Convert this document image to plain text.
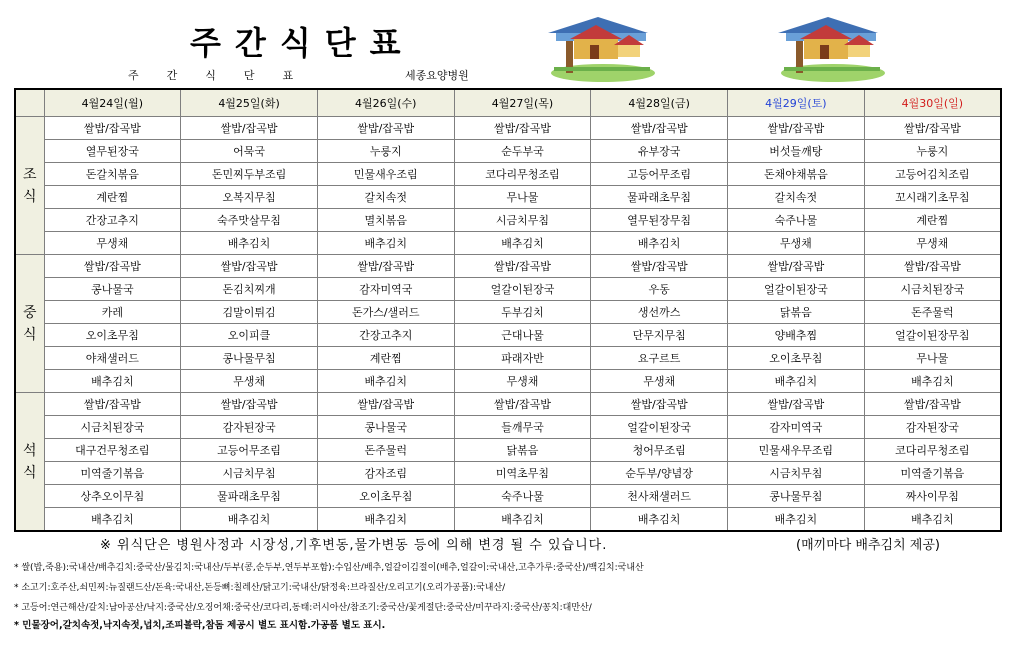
주간식단표
주간식단표	세종요양병원
	4월24일(월)	4월25일(화)	4월26일(수)	4월27일(목)	4월28일(금)	4월29일(토)	4월30일(일)
조식	쌀밥/잡곡밥	쌀밥/잡곡밥	쌀밥/잡곡밥	쌀밥/잡곡밥	쌀밥/잡곡밥	쌀밥/잡곡밥	쌀밥/잡곡밥
	열무된장국	어묵국	누룽지	순두부국	유부장국	버섯들깨탕	누룽지
	돈갈치볶음	돈민찌두부조림	민물새우조림	코다리무청조림	고등어무조림	돈채야채볶음	고등어김치조림
	계란찜	오복지무침	갈치속젓	무나물	물파래초무침	갈치속젓	꼬시래기초무침
	간장고추지	숙주맛살무침	멸치볶음	시금치무침	열무된장무침	숙주나물	계란찜
	무생채	배추김치	배추김치	배추김치	배추김치	무생채	무생채
중식	쌀밥/잡곡밥	쌀밥/잡곡밥	쌀밥/잡곡밥	쌀밥/잡곡밥	쌀밥/잡곡밥	쌀밥/잡곡밥	쌀밥/잡곡밥
	콩나물국	돈김치찌개	감자미역국	얼갈이된장국	우동	얼갈이된장국	시금치된장국
	카레	김말이튀김	돈가스/샐러드	두부김치	생선까스	닭볶음	돈주물럭
	오이초무침	오이피클	간장고추지	근대나물	단무지무침	양배추찜	얼갈이된장무침
	야채샐러드	콩나물무침	계란찜	파래자반	요구르트	오이초무침	무나물
	배추김치	무생채	배추김치	무생채	무생채	배추김치	배추김치
석식	쌀밥/잡곡밥	쌀밥/잡곡밥	쌀밥/잡곡밥	쌀밥/잡곡밥	쌀밥/잡곡밥	쌀밥/잡곡밥	쌀밥/잡곡밥
	시금치된장국	감자된장국	콩나물국	들깨무국	얼갈이된장국	감자미역국	감자된장국
	대구건무청조림	고등어무조림	돈주물럭	닭볶음	청어무조림	민물새우무조림	코다리무청조림
	미역줄기볶음	시금치무침	감자조림	미역초무침	순두부/양념장	시금치무침	미역줄기볶음
	상추오이무침	물파래초무침	오이초무침	숙주나물	천사채샐러드	콩나물무침	짜사이무침
	배추김치	배추김치	배추김치	배추김치	배추김치	배추김치	배추김치
※ 위식단은 병원사정과 시장성,기후변동,물가변동 등에 의해 변경 될 수 있습니다.	(매끼마다 배추김치 제공)
* 쌀(밥,죽용):국내산/배추김치:중국산/물김치:국내산/두부(콩,순두부,연두부포함):수입산/배추,얼갈이김절이(배추,얼갈이:국내산,고추가루:중국산)/백김치:국내산
* 소고기:호주산,쇠민찌:뉴질랜드산/돈육:국내산,돈등뼈:칠레산/닭고기:국내산/닭정육:브라질산/오리고기(오리가공품):국내산/
* 고등어:연근해산/갈치:남아공산/낙지:중국산/오징어채:중국산/코다리,동태:러시아산/참조기:중국산/꽃게절단:중국산/미꾸라지:중국산/꽁치:대만산/
* 민물장어,갈치속젓,낙지속젓,넙치,조피볼락,참돔 제공시 별도 표시함.가공품 별도 표시.
